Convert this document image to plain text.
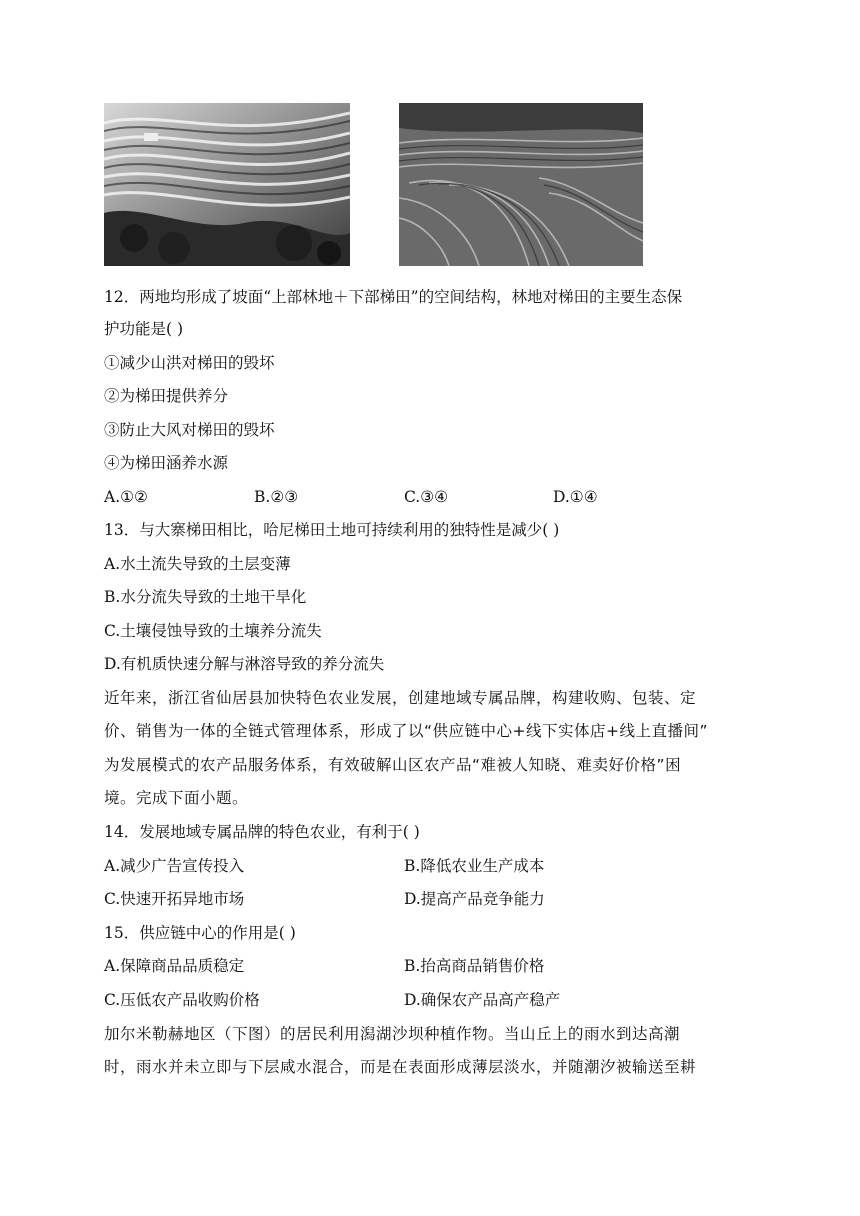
12．两地均形成了坡面“上部林地＋下部梯田”的空间结构，林地对梯田的主要生态保
护功能是( )
①减少山洪对梯田的毁坏
②为梯田提供养分
③防止大风对梯田的毁坏
④为梯田涵养水源
A.①②	B.②③	C.③④	D.①④
13．与大寨梯田相比，哈尼梯田土地可持续利用的独特性是减少( )
A.水土流失导致的土层变薄
B.水分流失导致的土地干旱化
C.土壤侵蚀导致的土壤养分流失
D.有机质快速分解与淋溶导致的养分流失
近年来，浙江省仙居县加快特色农业发展，创建地域专属品牌，构建收购、包装、定
价、销售为一体的全链式管理体系，形成了以“供应链中心+线下实体店+线上直播间”
为发展模式的农产品服务体系，有效破解山区农产品“难被人知晓、难卖好价格”困
境。完成下面小题。
14．发展地域专属品牌的特色农业，有利于( )
A.减少广告宣传投入	B.降低农业生产成本
C.快速开拓异地市场	D.提高产品竞争能力
15．供应链中心的作用是( )
A.保障商品品质稳定	B.抬高商品销售价格
C.压低农产品收购价格	D.确保农产品高产稳产
加尔米勒赫地区（下图）的居民利用潟湖沙坝种植作物。当山丘上的雨水到达高潮
时，雨水并未立即与下层咸水混合，而是在表面形成薄层淡水，并随潮汐被输送至耕
